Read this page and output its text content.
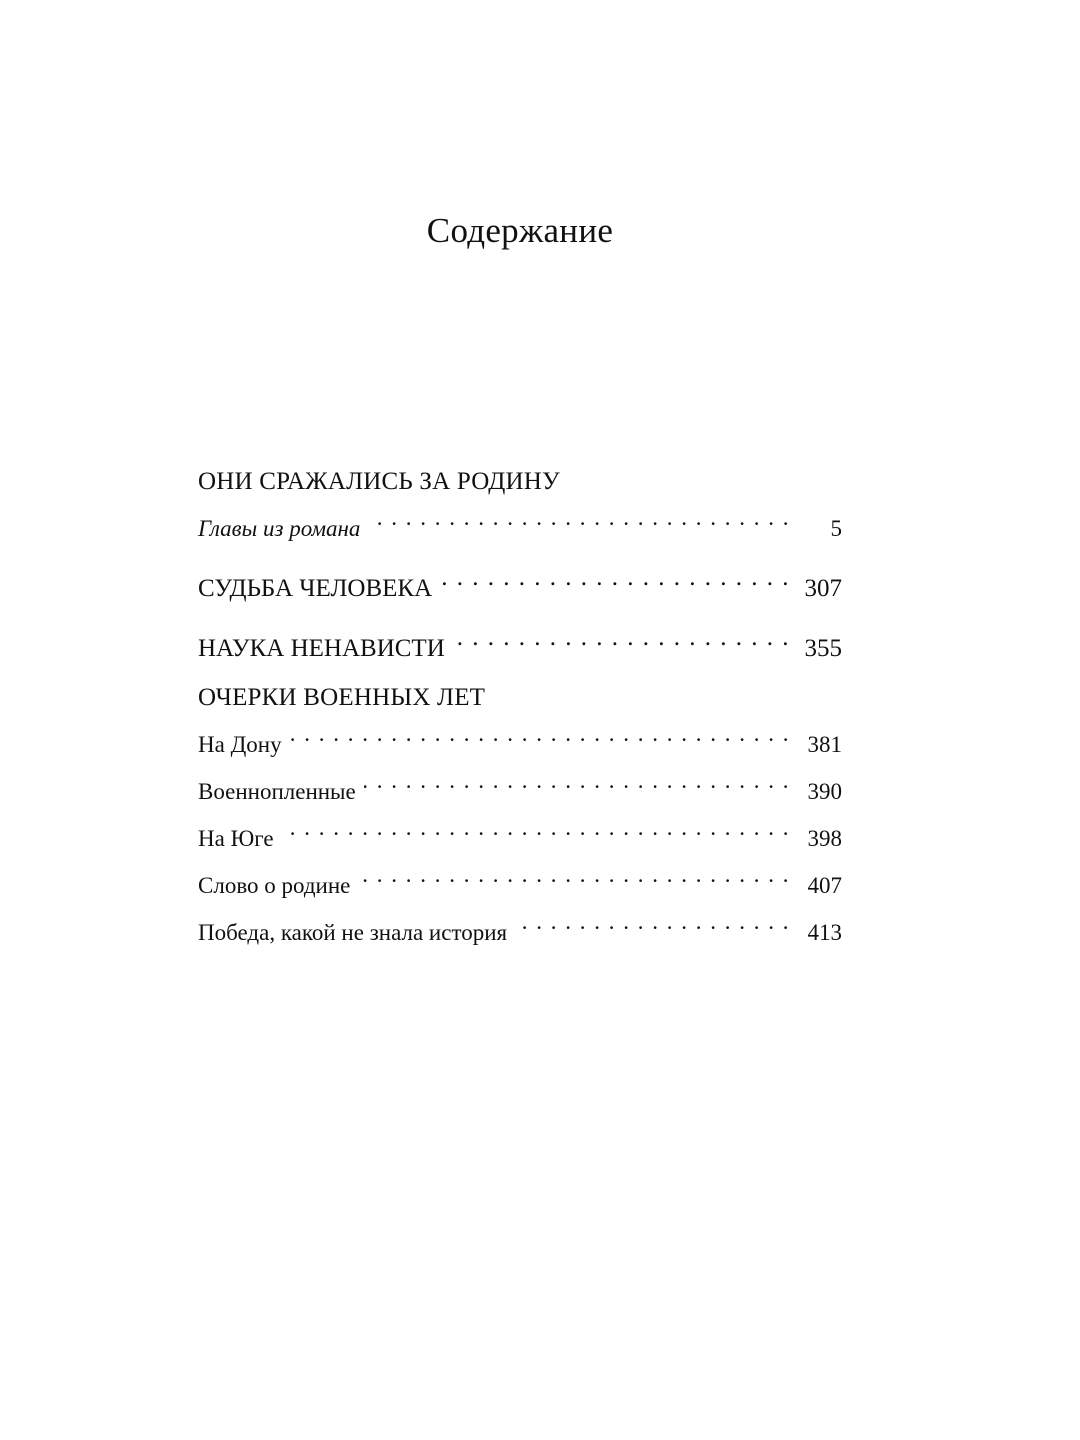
Содержание
ОНИ СРАЖАЛИСЬ ЗА РОДИНУ
Главы из романа . . .	5
СУДЬБА ЧЕЛОВЕКА . . .	307
НАУКА НЕНАВИСТИ . . .	355
ОЧЕРКИ ВОЕННЫХ ЛЕТ
На Дону . . .	381
Военнопленные . . .	390
На Юге . . .	398
Слово о родине . . .	407
Победа, какой не знала история . . .	413
